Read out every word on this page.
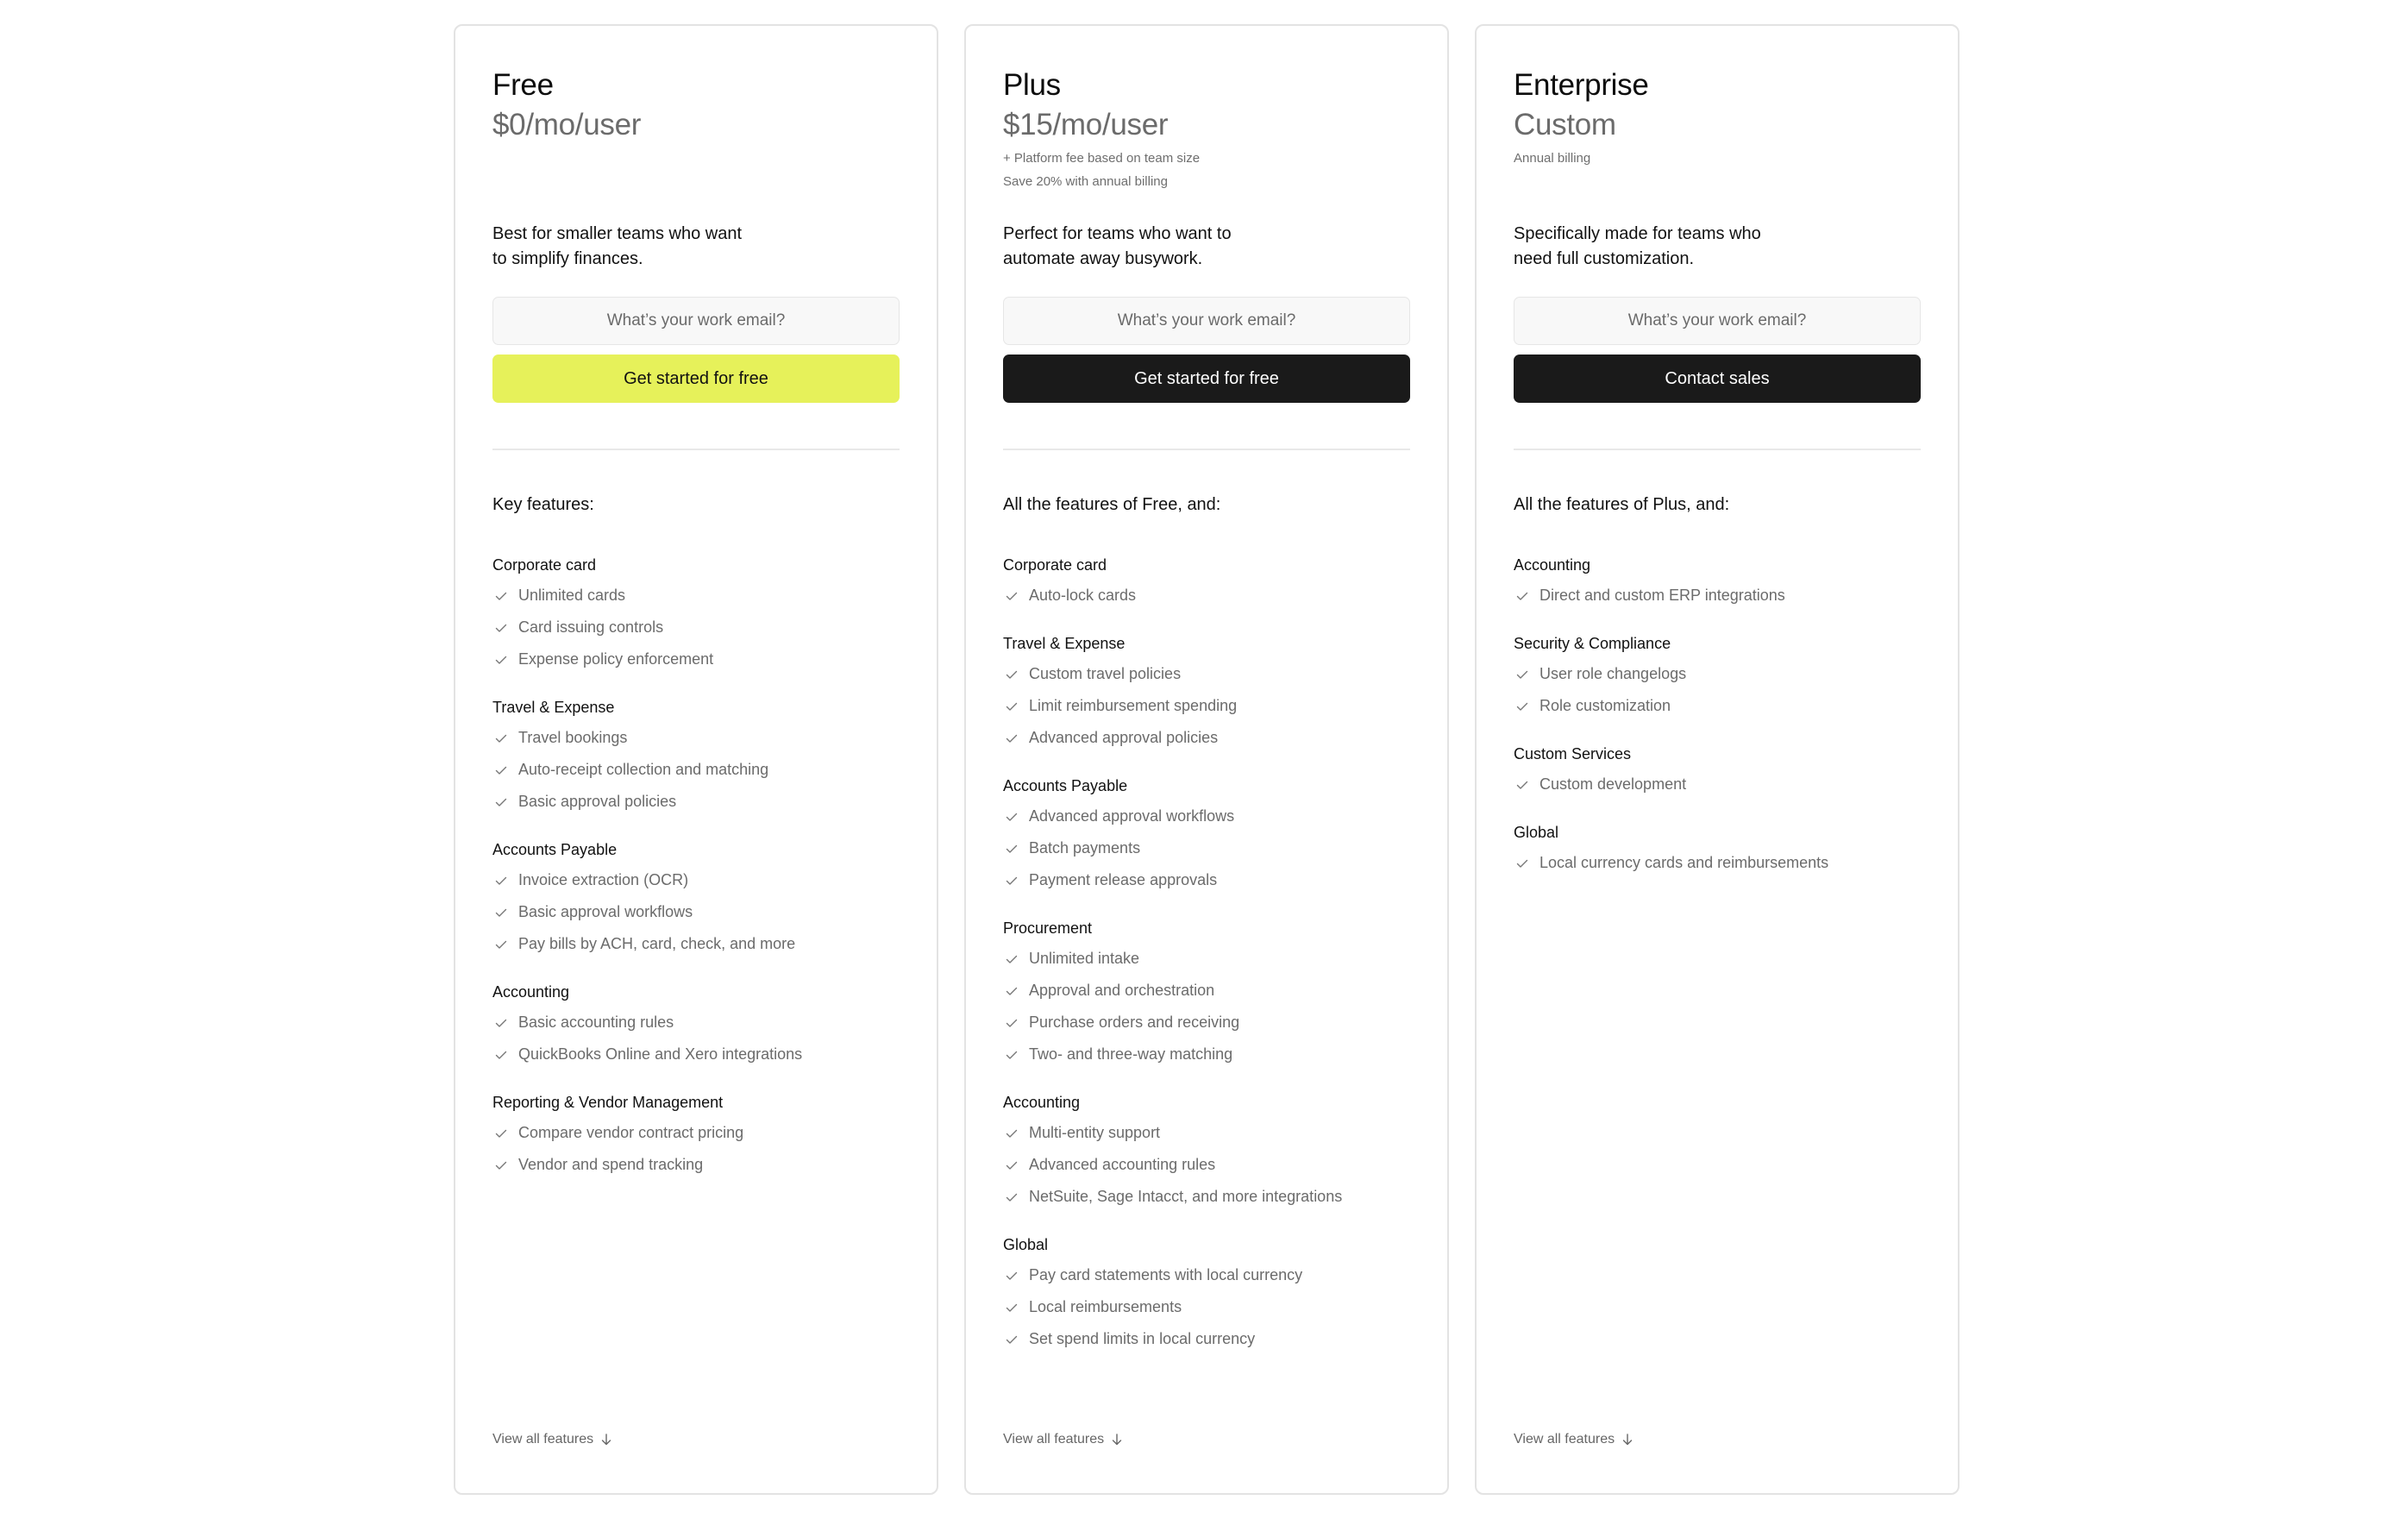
Free
$0/mo/user
Best for smaller teams who want to simplify finances.
What’s your work email?
Get started for free
Key features:
Corporate card
Unlimited cards
Card issuing controls
Expense policy enforcement
Travel & Expense
Travel bookings
Auto-receipt collection and matching
Basic approval policies
Accounts Payable
Invoice extraction (OCR)
Basic approval workflows
Pay bills by ACH, card, check, and more
Accounting
Basic accounting rules
QuickBooks Online and Xero integrations
Reporting & Vendor Management
Compare vendor contract pricing
Vendor and spend tracking
View all features
Plus
$15/mo/user
+ Platform fee based on team size
Save 20% with annual billing
Perfect for teams who want to automate away busywork.
What’s your work email?
Get started for free
All the features of Free, and:
Corporate card
Auto-lock cards
Travel & Expense
Custom travel policies
Limit reimbursement spending
Advanced approval policies
Accounts Payable
Advanced approval workflows
Batch payments
Payment release approvals
Procurement
Unlimited intake
Approval and orchestration
Purchase orders and receiving
Two- and three-way matching
Accounting
Multi-entity support
Advanced accounting rules
NetSuite, Sage Intacct, and more integrations
Global
Pay card statements with local currency
Local reimbursements
Set spend limits in local currency
View all features
Enterprise
Custom
Annual billing
Specifically made for teams who need full customization.
What’s your work email?
Contact sales
All the features of Plus, and:
Accounting
Direct and custom ERP integrations
Security & Compliance
User role changelogs
Role customization
Custom Services
Custom development
Global
Local currency cards and reimbursements
View all features
